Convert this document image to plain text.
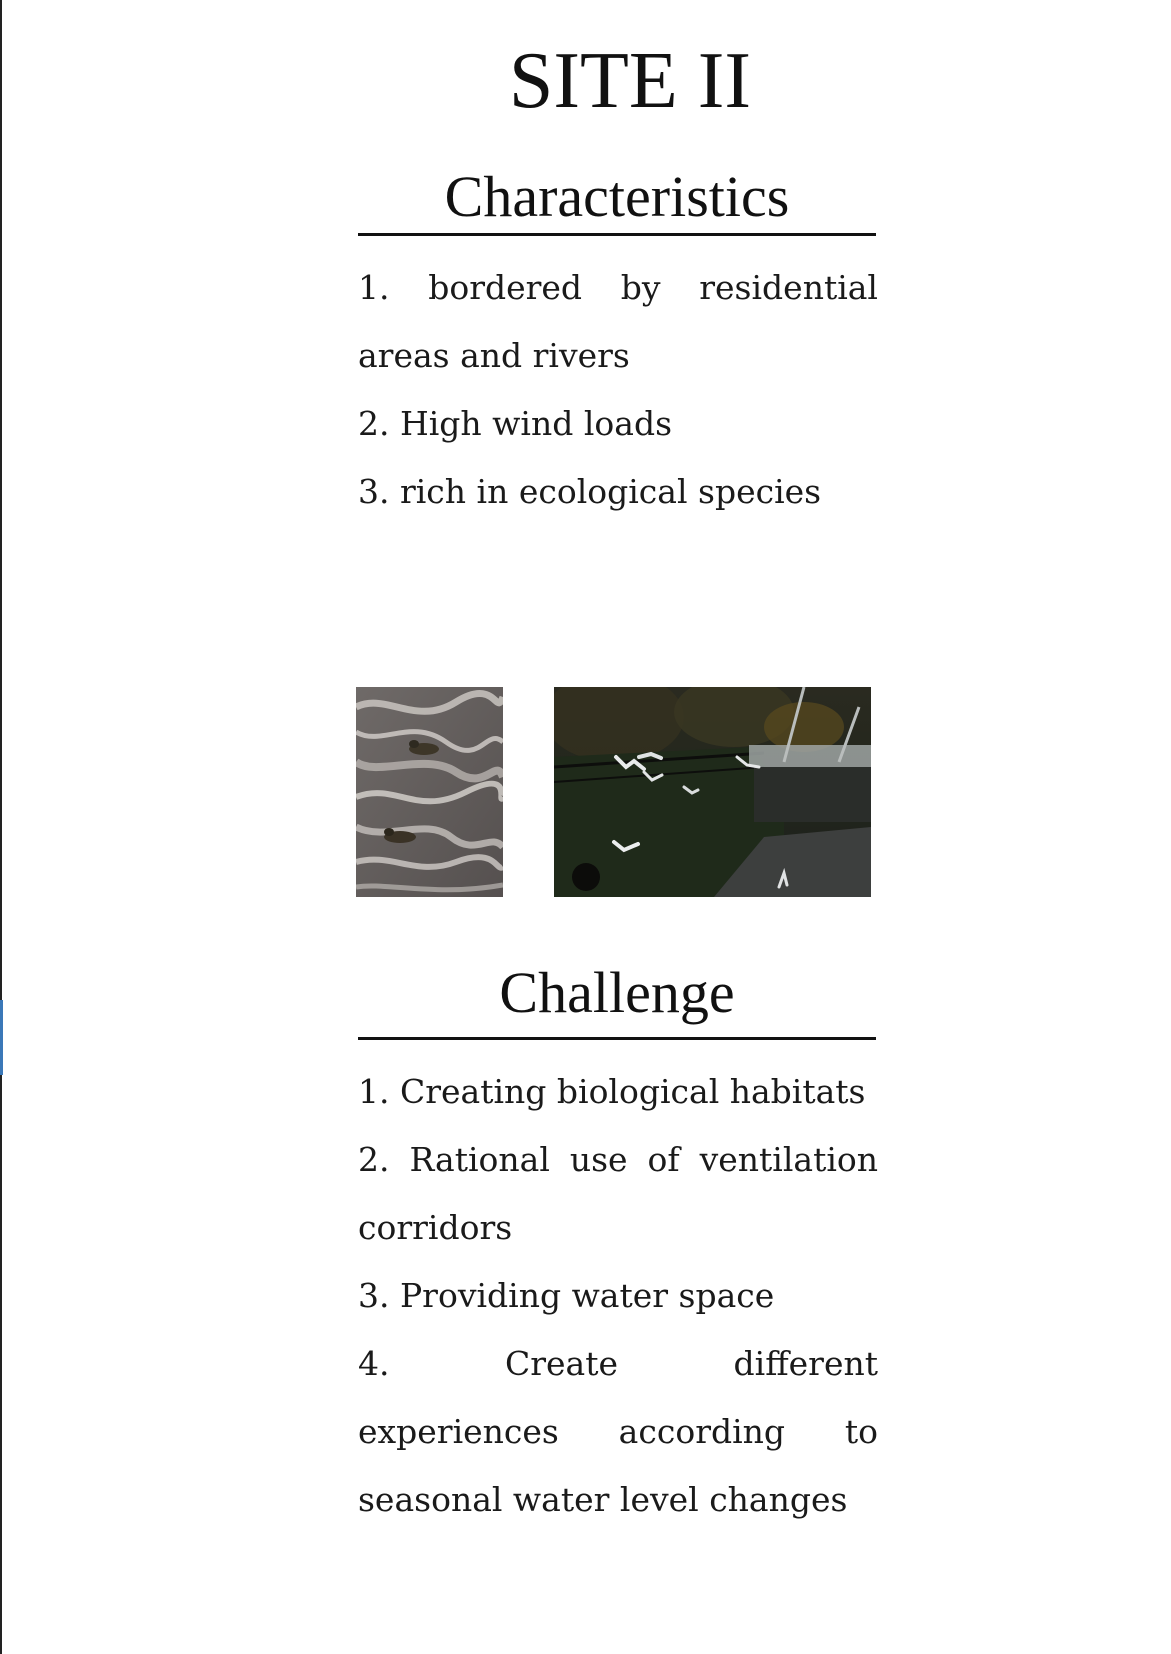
SITE II
Characteristics
1. bordered by residential areas and rivers
2. High wind loads
3. rich in ecological species
Challenge
1. Creating biological habitats
2. Rational use of ventilation corridors
3. Providing water space
4. Create different experiences according to seasonal water level changes
